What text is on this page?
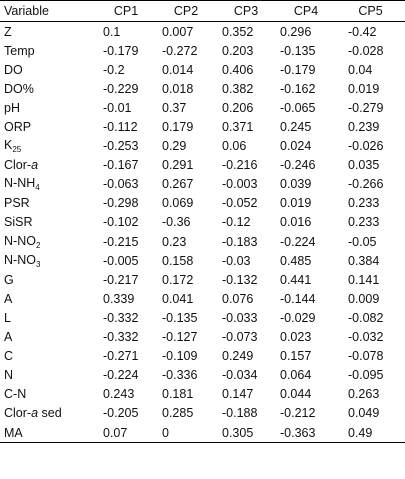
Variable	CP1	CP2	CP3	CP4	CP5
Z	0.1	0.007	0.352	0.296	-0.42
Temp	-0.179	-0.272	0.203	-0.135	-0.028
DO	-0.2	0.014	0.406	-0.179	0.04
DO%	-0.229	0.018	0.382	-0.162	0.019
pH	-0.01	0.37	0.206	-0.065	-0.279
ORP	-0.112	0.179	0.371	0.245	0.239
$K_{25}$	-0.253	0.29	0.06	0.024	-0.026
Clor-a	-0.167	0.291	-0.216	-0.246	0.035
$N-NH_4$	-0.063	0.267	-0.003	0.039	-0.266
PSR	-0.298	0.069	-0.052	0.019	0.233
SiSR	-0.102	-0.36	-0.12	0.016	0.233
$N-NO_2$	-0.215	0.23	-0.183	-0.224	-0.05
$N-NO_3$	-0.005	0.158	-0.03	0.485	0.384
G	-0.217	0.172	-0.132	0.441	0.141
A	0.339	0.041	0.076	-0.144	0.009
L	-0.332	-0.135	-0.033	-0.029	-0.082
A	-0.332	-0.127	-0.073	0.023	-0.032
C	-0.271	-0.109	0.249	0.157	-0.078
N	-0.224	-0.336	-0.034	0.064	-0.095
C-N	0.243	0.181	0.147	0.044	0.263
Clor-a sed	-0.205	0.285	-0.188	-0.212	0.049
MA	0.07	0	0.305	-0.363	0.49
